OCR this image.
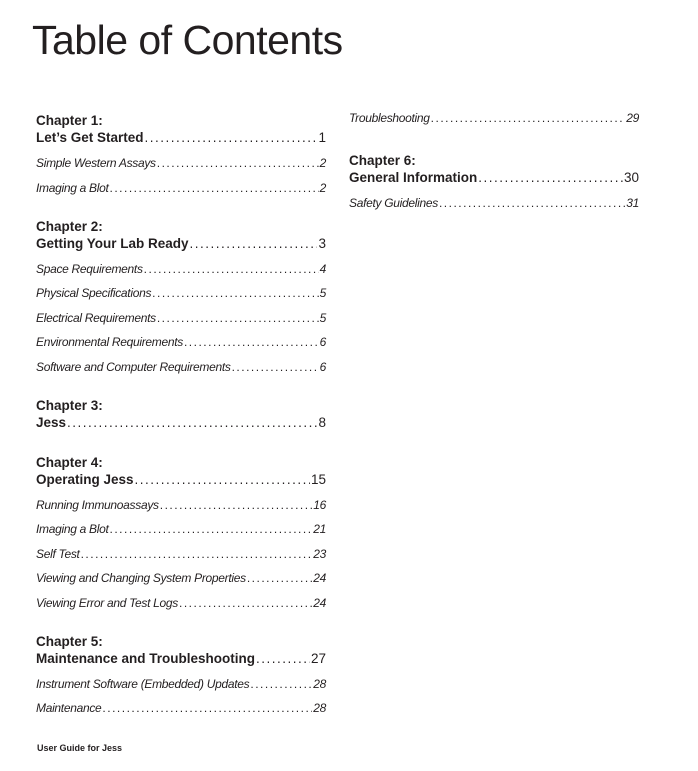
Table of Contents
Chapter 1:
Let’s Get Started .....	1
Simple Western Assays .....	2
Imaging a Blot .....	2
Chapter 2:
Getting Your Lab Ready .....	3
Space Requirements .....	4
Physical Specifications .....	5
Electrical Requirements .....	5
Environmental Requirements .....	6
Software and Computer Requirements .....	6
Chapter 3:
Jess .....	8
Chapter 4:
Operating Jess .....	15
Running Immunoassays .....	16
Imaging a Blot .....	21
Self Test .....	23
Viewing and Changing System Properties .....	24
Viewing Error and Test Logs .....	24
Chapter 5:
Maintenance and Troubleshooting .....	27
Instrument Software (Embedded) Updates .....	28
Maintenance .....	28
Troubleshooting .....	29
Chapter 6:
General Information .....	30
Safety Guidelines .....	31
User Guide for Jess
